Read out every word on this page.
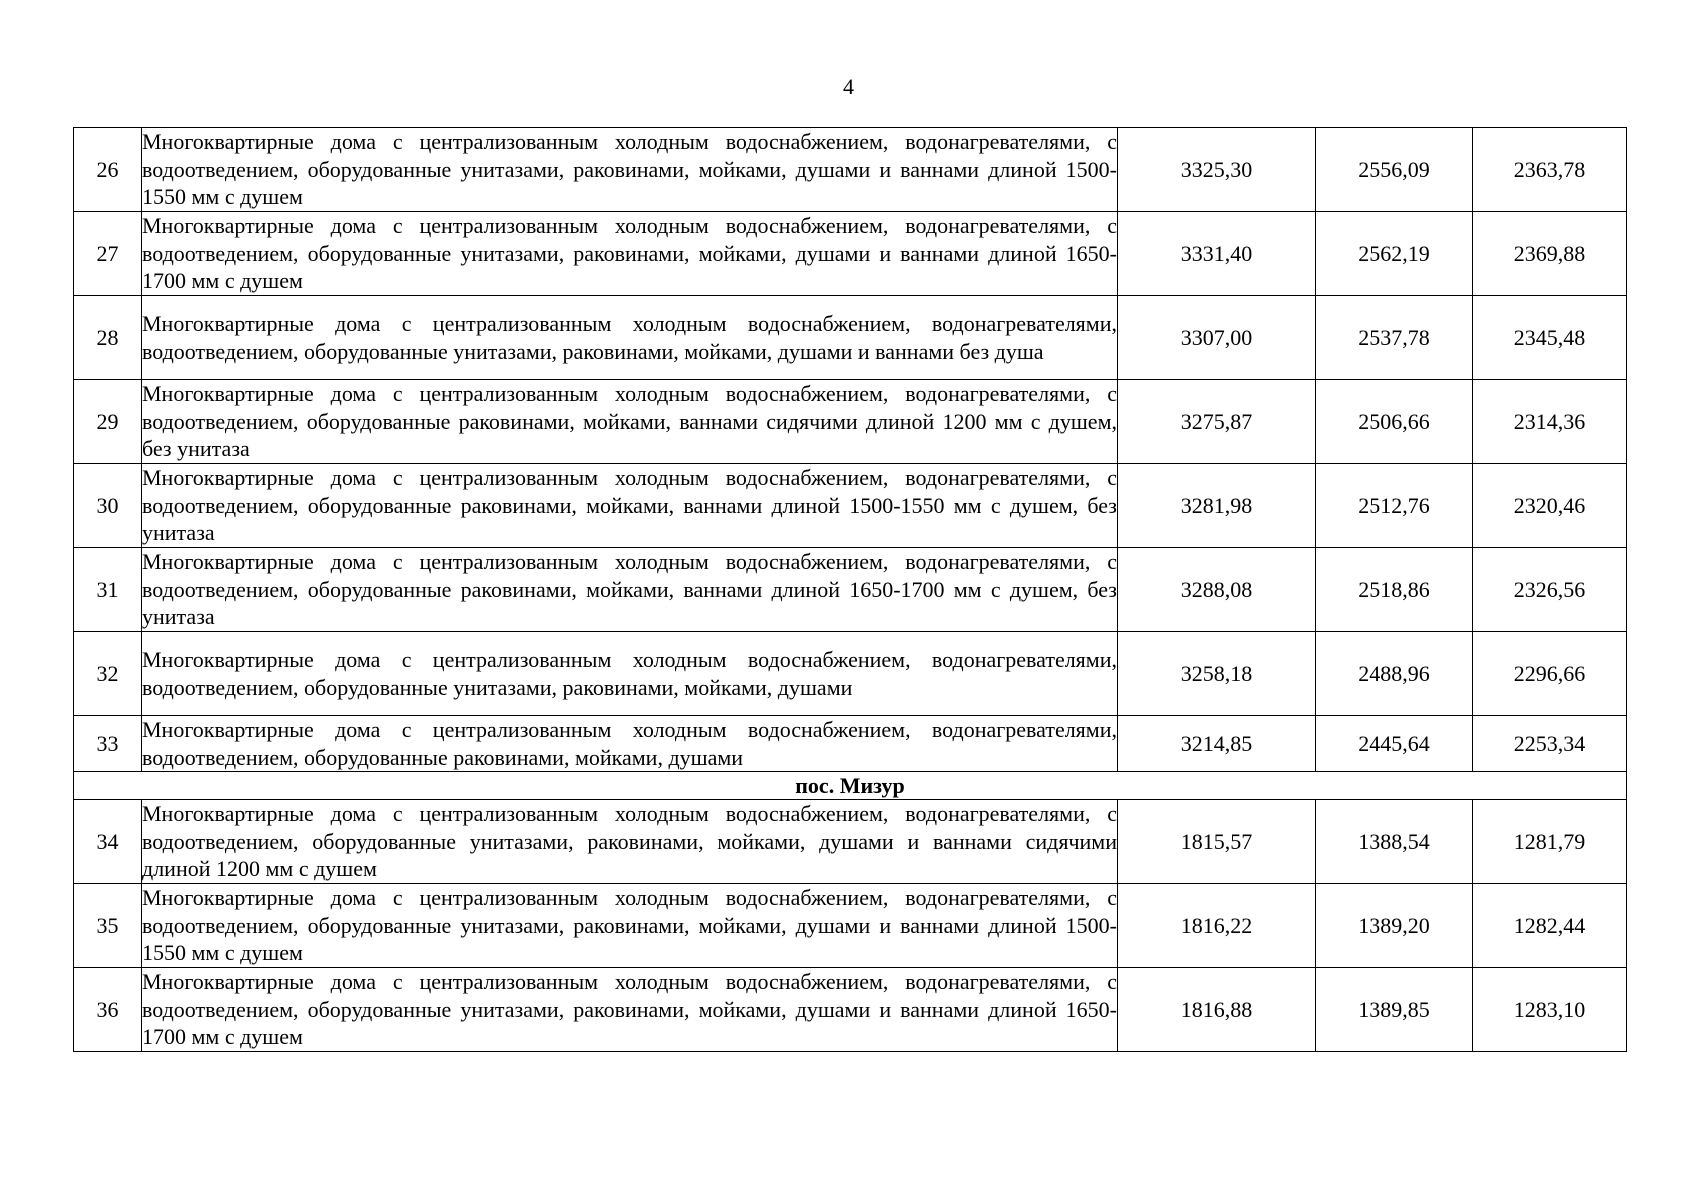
4
26	Многоквартирные дома с централизованным холодным водоснабжением, водонагревателями, с водоотведением, оборудованные унитазами, раковинами, мойками, душами и ваннами длиной 1500-1550 мм с душем	3325,30	2556,09	2363,78
27	Многоквартирные дома с централизованным холодным водоснабжением, водонагревателями, с водоотведением, оборудованные унитазами, раковинами, мойками, душами и ваннами длиной 1650-1700 мм с душем	3331,40	2562,19	2369,88
28	Многоквартирные дома с централизованным холодным водоснабжением, водонагревателями, водоотведением, оборудованные унитазами, раковинами, мойками, душами и ваннами без душа	3307,00	2537,78	2345,48
29	Многоквартирные дома с централизованным холодным водоснабжением, водонагревателями, с водоотведением, оборудованные раковинами, мойками, ваннами сидячими длиной 1200 мм с душем, без унитаза	3275,87	2506,66	2314,36
30	Многоквартирные дома с централизованным холодным водоснабжением, водонагревателями, с водоотведением, оборудованные раковинами, мойками, ваннами длиной 1500-1550 мм с душем, без унитаза	3281,98	2512,76	2320,46
31	Многоквартирные дома с централизованным холодным водоснабжением, водонагревателями, с водоотведением, оборудованные раковинами, мойками, ваннами длиной 1650-1700 мм с душем, без унитаза	3288,08	2518,86	2326,56
32	Многоквартирные дома с централизованным холодным водоснабжением, водонагревателями, водоотведением, оборудованные унитазами, раковинами, мойками, душами	3258,18	2488,96	2296,66
33	Многоквартирные дома с централизованным холодным водоснабжением, водонагревателями, водоотведением, оборудованные раковинами, мойками, душами	3214,85	2445,64	2253,34
пос. Мизур				
34	Многоквартирные дома с централизованным холодным водоснабжением, водонагревателями, с водоотведением, оборудованные унитазами, раковинами, мойками, душами и ваннами сидячими длиной 1200 мм с душем	1815,57	1388,54	1281,79
35	Многоквартирные дома с централизованным холодным водоснабжением, водонагревателями, с водоотведением, оборудованные унитазами, раковинами, мойками, душами и ваннами длиной 1500-1550 мм с душем	1816,22	1389,20	1282,44
36	Многоквартирные дома с централизованным холодным водоснабжением, водонагревателями, с водоотведением, оборудованные унитазами, раковинами, мойками, душами и ваннами длиной 1650-1700 мм с душем	1816,88	1389,85	1283,10
